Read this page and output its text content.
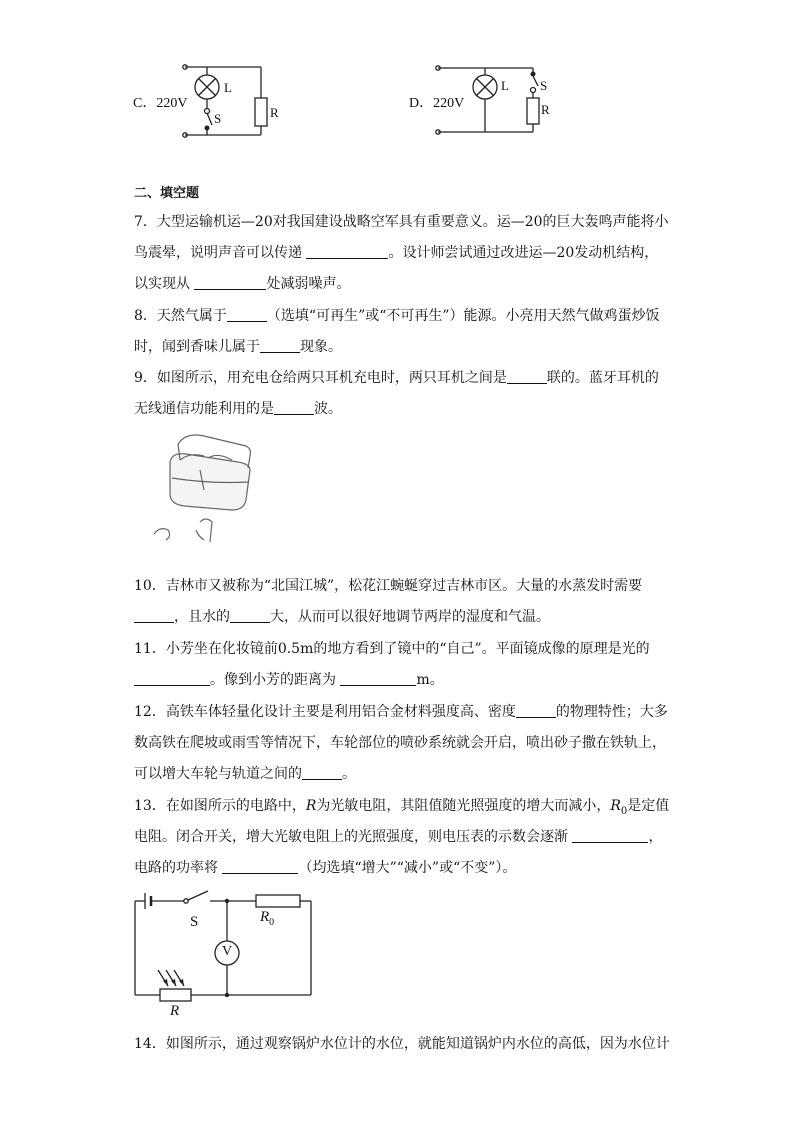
C．220V
L
S	R
D．220V
L S
R
二、填空题
7．大型运输机运—20对我国建设战略空军具有重要意义。运—20的巨大轰鸣声能将小
鸟震晕，说明声音可以传递	。设计师尝试通过改进运—20发动机结构，
以实现从	处减弱噪声。
8．天然气属于	（选填“可再生”或“不可再生”）能源。小亮用天然气做鸡蛋炒饭
时，闻到香味儿属于	现象。
9．如图所示，用充电仓给两只耳机充电时，两只耳机之间是	联的。蓝牙耳机的
无线通信功能利用的是	波。
10．吉林市又被称为“北国江城”，松花江蜿蜒穿过吉林市区。大量的水蒸发时需要
，且水的	大，从而可以很好地调节两岸的湿度和气温。
11．小芳坐在化妆镜前0.5m的地方看到了镜中的“自己”。平面镜成像的原理是光的
。像到小芳的距离为	m。
12．高铁车体轻量化设计主要是利用铝合金材料强度高、密度	的物理特性；大多
数高铁在爬坡或雨雪等情况下，车轮部位的喷砂系统就会开启，喷出砂子撒在铁轨上，
可以增大车轮与轨道之间的	。
13．在如图所示的电路中，R为光敏电阻，其阻值随光照强度的增大而减小，$R_0$是定值
电阻。闭合开关，增大光敏电阻上的光照强度，则电压表的示数会逐渐	，
电路的功率将	（均选填“增大”“减小”或“不变”）。
S	$R_0$
V
R
14．如图所示，通过观察锅炉水位计的水位，就能知道锅炉内水位的高低，因为水位计
